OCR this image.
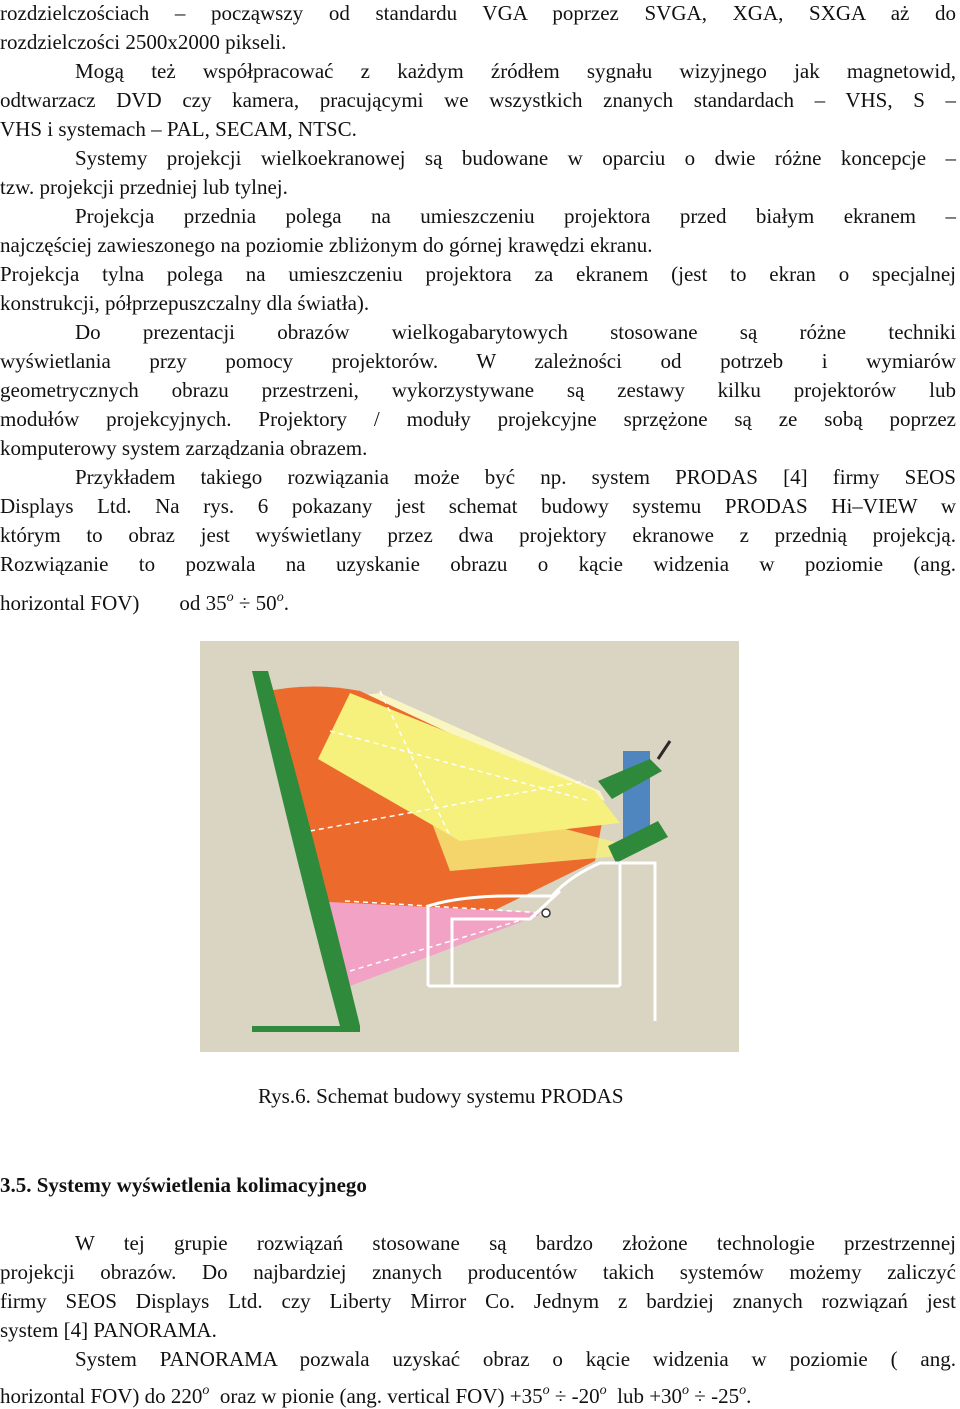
rozdzielczościach – począwszy od standardu VGA poprzez SVGA, XGA, SXGA aż do
rozdzielczości 2500x2000 pikseli.
Mogą też współpracować z każdym źródłem sygnału wizyjnego jak magnetowid,
odtwarzacz DVD czy kamera, pracującymi we wszystkich znanych standardach – VHS, S –
VHS i systemach – PAL, SECAM, NTSC.
Systemy projekcji wielkoekranowej są budowane w oparciu o dwie różne koncepcje –
tzw. projekcji przedniej lub tylnej.
Projekcja przednia polega na umieszczeniu projektora przed białym ekranem –
najczęściej zawieszonego na poziomie zbliżonym do górnej krawędzi ekranu.
Projekcja tylna polega na umieszczeniu projektora za ekranem (jest to ekran o specjalnej
konstrukcji, półprzepuszczalny dla światła).
Do prezentacji obrazów wielkogabarytowych stosowane są różne techniki
wyświetlania przy pomocy projektorów. W zależności od potrzeb i wymiarów
geometrycznych obrazu przestrzeni, wykorzystywane są zestawy kilku projektorów lub
modułów projekcyjnych. Projektory / moduły projekcyjne sprzężone są ze sobą poprzez
komputerowy system zarządzania obrazem.
Przykładem takiego rozwiązania może być np. system PRODAS [4] firmy SEOS
Displays Ltd. Na rys. 6 pokazany jest schemat budowy systemu PRODAS Hi–VIEW w
którym to obraz jest wyświetlany przez dwa projektory ekranowe z przednią projekcją.
Rozwiązanie to pozwala na uzyskanie obrazu o kącie widzenia w poziomie (ang.
horizontal FOV) od $35^o \div 50^o$.
Rys.6. Schemat budowy systemu PRODAS
3.5. Systemy wyświetlenia kolimacyjnego
W tej grupie rozwiązań stosowane są bardzo złożone technologie przestrzennej
projekcji obrazów. Do najbardziej znanych producentów takich systemów możemy zaliczyć
firmy SEOS Displays Ltd. czy Liberty Mirror Co. Jednym z bardziej znanych rozwiązań jest
system [4] PANORAMA.
System PANORAMA pozwala uzyskać obraz o kącie widzenia w poziomie ( ang.
horizontal FOV) do 220$^o$ oraz w pionie (ang. vertical $FOV) +35^o \div -20^o$ lub $+30^o \div -25^o$.
